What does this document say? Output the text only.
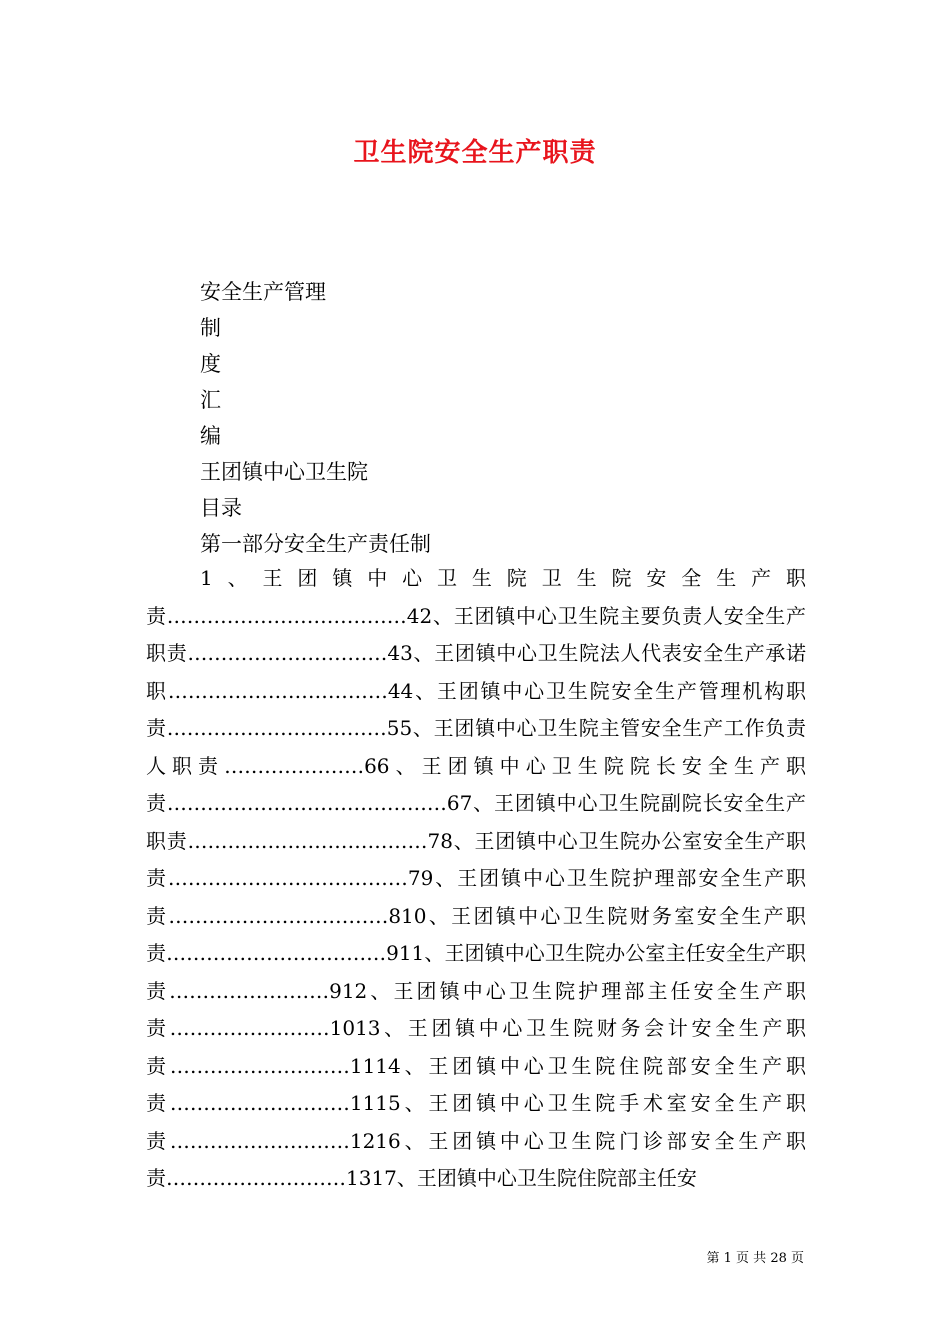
卫生院安全生产职责
安全生产管理
制
度
汇
编
王团镇中心卫生院
目录
第一部分安全生产责任制

1、王团镇中心卫生院卫生院安全生产职责………………………………42、王团镇中心卫生院主要负责人安全生产职责…………………………43、王团镇中心卫生院法人代表安全生产承诺职……………………………44、王团镇中心卫生院安全生产管理机构职责……………………………55、王团镇中心卫生院主管安全生产工作负责人职责…………………66、王团镇中心卫生院院长安全生产职责……………………………………67、王团镇中心卫生院副院长安全生产职责………………………………78、王团镇中心卫生院办公室安全生产职责………………………………79、王团镇中心卫生院护理部安全生产职责……………………………810、王团镇中心卫生院财务室安全生产职责……………………………911、王团镇中心卫生院办公室主任安全生产职责……………………912、王团镇中心卫生院护理部主任安全生产职责……………………1013、王团镇中心卫生院财务会计安全生产职责………………………1114、王团镇中心卫生院住院部安全生产职责………………………1115、王团镇中心卫生院手术室安全生产职责………………………1216、王团镇中心卫生院门诊部安全生产职责………………………1317、王团镇中心卫生院住院部主任安

第 1 页 共 28 页
